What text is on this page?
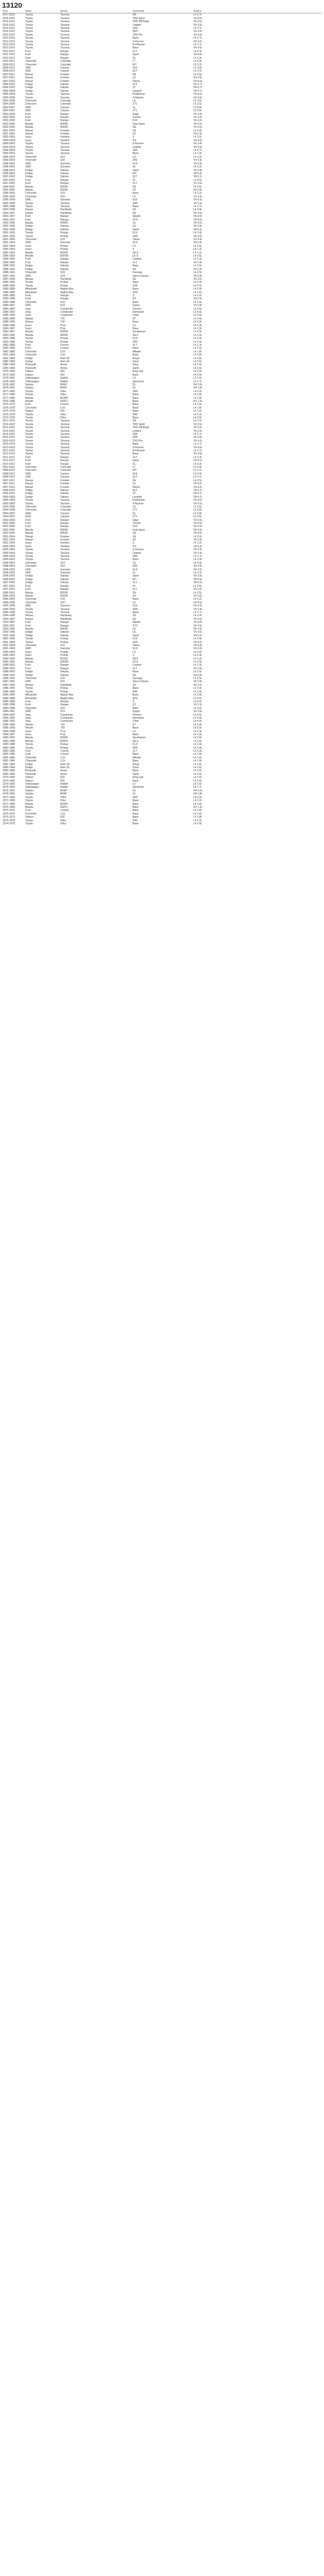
13120
Year	Make	Model	Submodel	Engine
2017-2022	Toyota	Tacoma	SR	L4 2.7L
2016-2022	Toyota	Tacoma	TRD Sport	V6 3.5L
2016-2022	Toyota	Tacoma	TRD Off Road	V6 3.5L
2016-2022	Toyota	Tacoma	Limited	V6 3.5L
2016-2021	Toyota	Tacoma	SR5	L4 2.7L
2016-2021	Toyota	Tacoma	SR5	V6 3.5L
2015-2019	Toyota	Tacoma	TRD Pro	V6 4.0L
2015-2019	Toyota	Tacoma	Base	L4 2.7L
2013-2015	Toyota	Tacoma	X-Runner	V6 4.0L
2013-2015	Toyota	Tacoma	PreRunner	L4 2.7L
2012-2015	Toyota	Tacoma	Base	V6 4.0L
2011-2013	Ford	Ranger	XLT	L4 2.3L
2011-2013	Ford	Ranger	Sport	V6 4.0L
2010-2012	Ford	Ranger	XL	L4 2.3L
2010-2012	Chevrolet	Colorado	LT	L4 2.9L
2009-2012	Chevrolet	Colorado	WT	L5 3.7L
2008-2012	GMC	Canyon	SLE	L4 2.9L
2008-2012	GMC	Canyon	SLT	L5 3.7L
2007-2011	Nissan	Frontier	SE	L4 2.5L
2007-2011	Nissan	Frontier	LE	V6 4.0L
2007-2010	Nissan	Frontier	Nismo	V6 4.0L
2006-2010	Dodge	Dakota	SLT	V6 3.7L
2006-2010	Dodge	Dakota	ST	V8 4.7L
2005-2009	Dodge	Dakota	Laramie	V8 4.7L
2005-2009	Toyota	Tacoma	PreRunner	V6 4.0L
2005-2008	Toyota	Tacoma	X-Runner	V6 4.0L
2004-2008	Chevrolet	Colorado	LS	L5 3.5L
2004-2008	Chevrolet	Colorado	Z71	L5 3.5L
2004-2007	GMC	Canyon	SL	L4 2.8L
2004-2007	GMC	Canyon	Z71	L5 3.5L
2003-2006	Ford	Ranger	Edge	V6 3.0L
2003-2006	Ford	Ranger	Tremor	V6 4.0L
2002-2005	Ford	Ranger	FX4	V6 4.0L
2002-2005	Mazda	B3000	Dual Sport	V6 3.0L
2002-2005	Mazda	B4000	SE	V6 4.0L
2001-2004	Nissan	Frontier	XE	L4 2.4L
2001-2004	Nissan	Frontier	SC	V6 3.3L
2001-2004	Isuzu	Hombre	S	L4 2.2L
2000-2004	Isuzu	Hombre	XS	V6 4.3L
2000-2004	Toyota	Tacoma	S-Runner	V6 3.4L
2000-2004	Toyota	Tacoma	Limited	V6 3.4L
1999-2004	Toyota	Tacoma	SR5	L4 2.7L
1999-2003	Toyota	Tacoma	Base	L4 2.4L
1998-2003	Chevrolet	S10	LS	L4 2.2L
1998-2003	Chevrolet	S10	ZR2	V6 4.3L
1998-2003	GMC	Sonoma	SLS	V6 4.3L
1998-2003	GMC	Sonoma	SL	L4 2.2L
1998-2002	Dodge	Dakota	Sport	V6 3.9L
1998-2002	Dodge	Dakota	R/T	V8 5.9L
1997-2002	Dodge	Dakota	SLT	V8 5.2L
1997-2001	Ford	Ranger	XL	L4 2.5L
1997-2001	Ford	Ranger	XLT	V6 3.0L
1996-2001	Mazda	B2500	SE	L4 2.5L
1996-2000	Mazda	B3000	SX	V6 3.0L
1996-2000	Chevrolet	S10	Base	L4 2.2L
1995-2000	Chevrolet	S10	LS	V6 4.3L
1995-1999	GMC	Sonoma	SLE	V6 4.3L
1995-1999	Toyota	Tacoma	SR5	V6 3.4L
1995-1998	Toyota	Tacoma	Base	L4 2.7L
1994-1998	Nissan	Hardbody	XE	L4 2.4L
1994-1997	Nissan	Hardbody	SE	V6 3.0L
1993-1997	Ford	Ranger	Splash	V6 4.0L
1993-1997	Ford	Ranger	STX	V6 4.0L
1993-1996	Mazda	B4000	LE	V6 4.0L
1992-1996	Dodge	Dakota	LE	V6 3.9L
1992-1996	Dodge	Dakota	Sport	V8 5.2L
1991-1995	Toyota	Pickup	DLX	L4 2.4L
1991-1995	Toyota	Pickup	SR5	V6 3.0L
1991-1994	Chevrolet	S10	Tahoe	V6 4.3L
1991-1994	GMC	Sonoma	SLS	V6 4.3L
1990-1994	Isuzu	Pickup	LS	L4 2.6L
1990-1993	Isuzu	Pickup	S	L4 2.3L
1990-1993	Mazda	B2200	SE-5	L4 2.2L
1989-1993	Mazda	B2600i	LE-5	L4 2.6L
1989-1992	Ford	Ranger	Custom	L4 2.3L
1989-1992	Ford	Ranger	XLT	V6 2.9L
1988-1992	Dodge	Dakota	Base	L4 2.5L
1988-1991	Dodge	Dakota	SE	V6 3.9L
1988-1991	Chevrolet	S10	Durango	L4 2.5L
1987-1991	GMC	S15	Sierra Classic	V6 2.8L
1987-1990	Nissan	Hardbody	SE	V6 3.0L
1986-1990	Toyota	Pickup	Base	L4 2.4L
1986-1989	Toyota	Pickup	SR5	L4 2.4L
1986-1989	Mitsubishi	Mighty Max	Base	L4 2.0L
1986-1989	Mitsubishi	Mighty Max	SPX	L4 2.6L
1985-1989	Ford	Ranger	S	L4 2.0L
1985-1988	Ford	Ranger	GT	V6 2.9L
1984-1988	Chevrolet	S10	Base	L4 2.0L
1984-1987	GMC	S15	Gypsy	V6 2.8L
1984-1987	Jeep	Comanche	Pioneer	L4 2.5L
1986-1992	Jeep	Comanche	Eliminator	L6 4.0L
1986-1992	Jeep	Comanche	Chief	L6 4.0L
1985-1989	Nissan	720	ST	L4 2.4L
1985-1989	Nissan	720	Base	L4 2.0L
1984-1988	Isuzu	P'up	LS	L4 2.3L
1984-1987	Isuzu	P'up	Base	L4 1.9L
1983-1987	Mazda	B2000	Sundowner	L4 2.0L
1983-1986	Mazda	B2000	SE-5	L4 2.0L
1983-1986	Toyota	Pickup	DLX	L4 2.4L
1982-1986	Toyota	Pickup	SR5	L4 2.4L
1982-1985	Ford	Courier	XLT	L4 2.3L
1982-1985	Ford	Courier	Base	L4 2.0L
1981-1985	Chevrolet	LUV	Mikado	L4 1.8L
1981-1984	Chevrolet	LUV	Base	L4 1.8L
1981-1984	Dodge	Ram 50	Royal	L4 2.6L
1980-1984	Dodge	Ram 50	Sport	L4 2.6L
1980-1983	Plymouth	Arrow	Base	L4 2.0L
1980-1983	Plymouth	Arrow	Sport	L4 2.6L
1979-1983	Datsun	620	King Cab	L4 2.0L
1979-1982	Datsun	620	Base	L4 2.0L
1979-1982	Volkswagen	Rabbit	LX	L4 1.6L
1978-1982	Volkswagen	Rabbit	Sportruck	L4 1.7L
1978-1981	Subaru	BRAT	DL	H4 1.6L
1978-1981	Subaru	BRAT	GL	H4 1.8L
1977-1981	Toyota	Hilux	SR5	L4 2.2L
1977-1980	Toyota	Hilux	Base	L4 2.0L
1977-1980	Mazda	B1800	Base	L4 1.8L
1976-1980	Mazda	REPU	Base	R2 1.3L
1976-1979	Ford	Courier	Base	L4 1.8L
1976-1979	Chevrolet	LUV	Base	L4 1.8L
1975-1979	Datsun	620	Base	L4 1.8L
1975-1978	Toyota	Hilux	SR5	L4 2.2L
1974-1978	Toyota	Hilux	Base	L4 2.0L
2017-2022	Toyota	Tacoma	SR	L4 2.7L
2016-2022	Toyota	Tacoma	TRD Sport	V6 3.5L
2016-2022	Toyota	Tacoma	TRD Off Road	V6 3.5L
2016-2022	Toyota	Tacoma	Limited	V6 3.5L
2016-2021	Toyota	Tacoma	SR5	L4 2.7L
2016-2021	Toyota	Tacoma	SR5	V6 3.5L
2015-2019	Toyota	Tacoma	TRD Pro	V6 4.0L
2015-2019	Toyota	Tacoma	Base	L4 2.7L
2013-2015	Toyota	Tacoma	X-Runner	V6 4.0L
2013-2015	Toyota	Tacoma	PreRunner	L4 2.7L
2012-2015	Toyota	Tacoma	Base	V6 4.0L
2011-2013	Ford	Ranger	XLT	L4 2.3L
2011-2013	Ford	Ranger	Sport	V6 4.0L
2010-2012	Ford	Ranger	XL	L4 2.3L
2010-2012	Chevrolet	Colorado	LT	L4 2.9L
2009-2012	Chevrolet	Colorado	WT	L5 3.7L
2008-2012	GMC	Canyon	SLE	L4 2.9L
2008-2012	GMC	Canyon	SLT	L5 3.7L
2007-2011	Nissan	Frontier	SE	L4 2.5L
2007-2011	Nissan	Frontier	LE	V6 4.0L
2007-2010	Nissan	Frontier	Nismo	V6 4.0L
2006-2010	Dodge	Dakota	SLT	V6 3.7L
2006-2010	Dodge	Dakota	ST	V8 4.7L
2005-2009	Dodge	Dakota	Laramie	V8 4.7L
2005-2009	Toyota	Tacoma	PreRunner	V6 4.0L
2005-2008	Toyota	Tacoma	X-Runner	V6 4.0L
2004-2008	Chevrolet	Colorado	LS	L5 3.5L
2004-2008	Chevrolet	Colorado	Z71	L5 3.5L
2004-2007	GMC	Canyon	SL	L4 2.8L
2004-2007	GMC	Canyon	Z71	L5 3.5L
2003-2006	Ford	Ranger	Edge	V6 3.0L
2003-2006	Ford	Ranger	Tremor	V6 4.0L
2002-2005	Ford	Ranger	FX4	V6 4.0L
2002-2005	Mazda	B3000	Dual Sport	V6 3.0L
2002-2005	Mazda	B4000	SE	V6 4.0L
2001-2004	Nissan	Frontier	XE	L4 2.4L
2001-2004	Nissan	Frontier	SC	V6 3.3L
2001-2004	Isuzu	Hombre	S	L4 2.2L
2000-2004	Isuzu	Hombre	XS	V6 4.3L
2000-2004	Toyota	Tacoma	S-Runner	V6 3.4L
2000-2004	Toyota	Tacoma	Limited	V6 3.4L
1999-2004	Toyota	Tacoma	SR5	L4 2.7L
1999-2003	Toyota	Tacoma	Base	L4 2.4L
1998-2003	Chevrolet	S10	LS	L4 2.2L
1998-2003	Chevrolet	S10	ZR2	V6 4.3L
1998-2003	GMC	Sonoma	SLS	V6 4.3L
1998-2003	GMC	Sonoma	SL	L4 2.2L
1998-2002	Dodge	Dakota	Sport	V6 3.9L
1998-2002	Dodge	Dakota	R/T	V8 5.9L
1997-2002	Dodge	Dakota	SLT	V8 5.2L
1997-2001	Ford	Ranger	XL	L4 2.5L
1997-2001	Ford	Ranger	XLT	V6 3.0L
1996-2001	Mazda	B2500	SE	L4 2.5L
1996-2000	Mazda	B3000	SX	V6 3.0L
1996-2000	Chevrolet	S10	Base	L4 2.2L
1995-2000	Chevrolet	S10	LS	V6 4.3L
1995-1999	GMC	Sonoma	SLE	V6 4.3L
1995-1999	Toyota	Tacoma	SR5	V6 3.4L
1995-1998	Toyota	Tacoma	Base	L4 2.7L
1994-1998	Nissan	Hardbody	XE	L4 2.4L
1994-1997	Nissan	Hardbody	SE	V6 3.0L
1993-1997	Ford	Ranger	Splash	V6 4.0L
1993-1997	Ford	Ranger	STX	V6 4.0L
1993-1996	Mazda	B4000	LE	V6 4.0L
1992-1996	Dodge	Dakota	LE	V6 3.9L
1992-1996	Dodge	Dakota	Sport	V8 5.2L
1991-1995	Toyota	Pickup	DLX	L4 2.4L
1991-1995	Toyota	Pickup	SR5	V6 3.0L
1991-1994	Chevrolet	S10	Tahoe	V6 4.3L
1991-1994	GMC	Sonoma	SLS	V6 4.3L
1990-1994	Isuzu	Pickup	LS	L4 2.6L
1990-1993	Isuzu	Pickup	S	L4 2.3L
1990-1993	Mazda	B2200	SE-5	L4 2.2L
1989-1993	Mazda	B2600i	LE-5	L4 2.6L
1989-1992	Ford	Ranger	Custom	L4 2.3L
1989-1992	Ford	Ranger	XLT	V6 2.9L
1988-1992	Dodge	Dakota	Base	L4 2.5L
1988-1991	Dodge	Dakota	SE	V6 3.9L
1988-1991	Chevrolet	S10	Durango	L4 2.5L
1987-1991	GMC	S15	Sierra Classic	V6 2.8L
1987-1990	Nissan	Hardbody	SE	V6 3.0L
1986-1990	Toyota	Pickup	Base	L4 2.4L
1986-1989	Toyota	Pickup	SR5	L4 2.4L
1986-1989	Mitsubishi	Mighty Max	Base	L4 2.0L
1986-1989	Mitsubishi	Mighty Max	SPX	L4 2.6L
1985-1989	Ford	Ranger	S	L4 2.0L
1985-1988	Ford	Ranger	GT	V6 2.9L
1984-1988	Chevrolet	S10	Base	L4 2.0L
1984-1987	GMC	S15	Gypsy	V6 2.8L
1984-1987	Jeep	Comanche	Pioneer	L4 2.5L
1986-1992	Jeep	Comanche	Eliminator	L6 4.0L
1986-1992	Jeep	Comanche	Chief	L6 4.0L
1985-1989	Nissan	720	ST	L4 2.4L
1985-1989	Nissan	720	Base	L4 2.0L
1984-1988	Isuzu	P'up	LS	L4 2.3L
1984-1987	Isuzu	P'up	Base	L4 1.9L
1983-1987	Mazda	B2000	Sundowner	L4 2.0L
1983-1986	Mazda	B2000	SE-5	L4 2.0L
1983-1986	Toyota	Pickup	DLX	L4 2.4L
1982-1986	Toyota	Pickup	SR5	L4 2.4L
1982-1985	Ford	Courier	XLT	L4 2.3L
1982-1985	Ford	Courier	Base	L4 2.0L
1981-1985	Chevrolet	LUV	Mikado	L4 1.8L
1981-1984	Chevrolet	LUV	Base	L4 1.8L
1981-1984	Dodge	Ram 50	Royal	L4 2.6L
1980-1984	Dodge	Ram 50	Sport	L4 2.6L
1980-1983	Plymouth	Arrow	Base	L4 2.0L
1980-1983	Plymouth	Arrow	Sport	L4 2.6L
1979-1983	Datsun	620	King Cab	L4 2.0L
1979-1982	Datsun	620	Base	L4 2.0L
1979-1982	Volkswagen	Rabbit	LX	L4 1.6L
1978-1982	Volkswagen	Rabbit	Sportruck	L4 1.7L
1978-1981	Subaru	BRAT	DL	H4 1.6L
1978-1981	Subaru	BRAT	GL	H4 1.8L
1977-1981	Toyota	Hilux	SR5	L4 2.2L
1977-1980	Toyota	Hilux	Base	L4 2.0L
1977-1980	Mazda	B1800	Base	L4 1.8L
1976-1980	Mazda	REPU	Base	R2 1.3L
1976-1979	Ford	Courier	Base	L4 1.8L
1976-1979	Chevrolet	LUV	Base	L4 1.8L
1975-1979	Datsun	620	Base	L4 1.8L
1975-1978	Toyota	Hilux	SR5	L4 2.2L
1974-1978	Toyota	Hilux	Base	L4 2.0L
